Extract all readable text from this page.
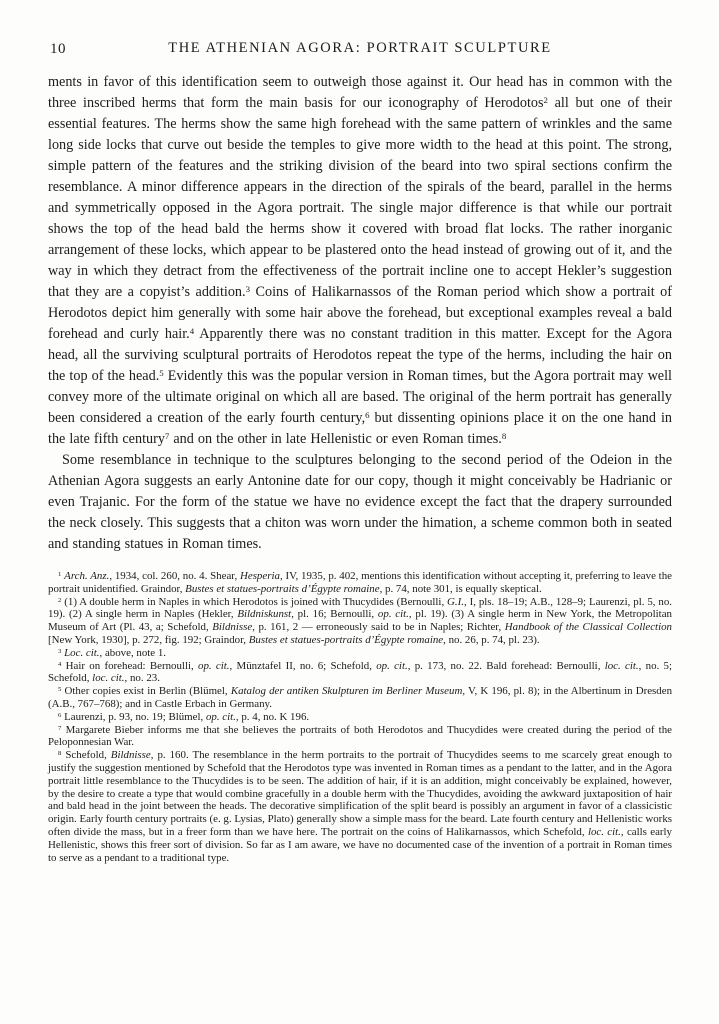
10	THE ATHENIAN AGORA: PORTRAIT SCULPTURE

ments in favor of this identification seem to outweigh those against it. Our head has in common with the three inscribed herms that form the main basis for our iconography of Herodotos$^2$ all but one of their essential features. The herms show the same high forehead with the same pattern of wrinkles and the same long side locks that curve out beside the temples to give more width to the head at this point. The strong, simple pattern of the features and the striking division of the beard into two spiral sections confirm the resemblance. A minor difference appears in the direction of the spirals of the beard, parallel in the herms and symmetrically opposed in the Agora portrait. The single major difference is that while our portrait shows the top of the head bald the herms show it covered with broad flat locks. The rather inorganic arrangement of these locks, which appear to be plastered onto the head instead of growing out of it, and the way in which they detract from the effectiveness of the portrait incline one to accept Hekler’s suggestion that they are a copyist’s addition.$^3$ Coins of Halikarnassos of the Roman period which show a portrait of Herodotos depict him generally with some hair above the forehead, but exceptional examples reveal a bald forehead and curly hair.$^4$ Apparently there was no constant tradition in this matter. Except for the Agora head, all the surviving sculptural portraits of Herodotos repeat the type of the herms, including the hair on the top of the head.$^5$ Evidently this was the popular version in Roman times, but the Agora portrait may well convey more of the ultimate original on which all are based. The original of the herm portrait has generally been considered a creation of the early fourth century,$^6$ but dissenting opinions place it on the one hand in the late fifth century$^7$ and on the other in late Hellenistic or even Roman times.$^8$

Some resemblance in technique to the sculptures belonging to the second period of the Odeion in the Athenian Agora suggests an early Antonine date for our copy, though it might conceivably be Hadrianic or even Trajanic. For the form of the statue we have no evidence except the fact that the drapery surrounded the neck closely. This suggests that a chiton was worn under the himation, a scheme common both in seated and standing statues in Roman times.

$^1$ Arch. Anz., 1934, col. 260, no. 4. Shear, Hesperia, IV, 1935, p. 402, mentions this identification without accepting it, preferring to leave the portrait unidentified. Graindor, Bustes et statues-portraits d’Égypte romaine, p. 74, note 301, is equally skeptical.

$^2$ (1) A double herm in Naples in which Herodotos is joined with Thucydides (Bernoulli, G.I., I, pls. 18–19; A.B., 128–9; Laurenzi, pl. 5, no. 19). (2) A single herm in Naples (Hekler, Bildniskunst, pl. 16; Bernoulli, op. cit., pl. 19). (3) A single herm in New York, the Metropolitan Museum of Art (Pl. 43, a; Schefold, Bildnisse, p. 161, 2 — erroneously said to be in Naples; Richter, Handbook of the Classical Collection [New York, 1930], p. 272, fig. 192; Graindor, Bustes et statues-portraits d’Égypte romaine, no. 26, p. 74, pl. 23).

$^3$ Loc. cit., above, note 1.

$^4$ Hair on forehead: Bernoulli, op. cit., Münztafel II, no. 6; Schefold, op. cit., p. 173, no. 22. Bald forehead: Bernoulli, loc. cit., no. 5; Schefold, loc. cit., no. 23.

$^5$ Other copies exist in Berlin (Blümel, Katalog der antiken Skulpturen im Berliner Museum, V, K 196, pl. 8); in the Albertinum in Dresden (A.B., 767–768); and in Castle Erbach in Germany.

$^6$ Laurenzi, p. 93, no. 19; Blümel, op. cit., p. 4, no. K 196.

$^7$ Margarete Bieber informs me that she believes the portraits of both Herodotos and Thucydides were created during the period of the Peloponnesian War.

$^8$ Schefold, Bildnisse, p. 160. The resemblance in the herm portraits to the portrait of Thucydides seems to me scarcely great enough to justify the suggestion mentioned by Schefold that the Herodotos type was invented in Roman times as a pendant to the latter, and in the Agora portrait little resemblance to the Thucydides is to be seen. The addition of hair, if it is an addition, might conceivably be explained, however, by the desire to create a type that would combine gracefully in a double herm with the Thucydides, avoiding the awkward juxtaposition of hair and bald head in the joint between the heads. The decorative simplification of the split beard is possibly an argument in favor of a classicistic origin. Early fourth century portraits (e. g. Lysias, Plato) generally show a simple mass for the beard. Late fourth century and Hellenistic works often divide the mass, but in a freer form than we have here. The portrait on the coins of Halikarnassos, which Schefold, loc. cit., calls early Hellenistic, shows this freer sort of division. So far as I am aware, we have no documented case of the invention of a portrait in Roman times to serve as a pendant to a traditional type.
